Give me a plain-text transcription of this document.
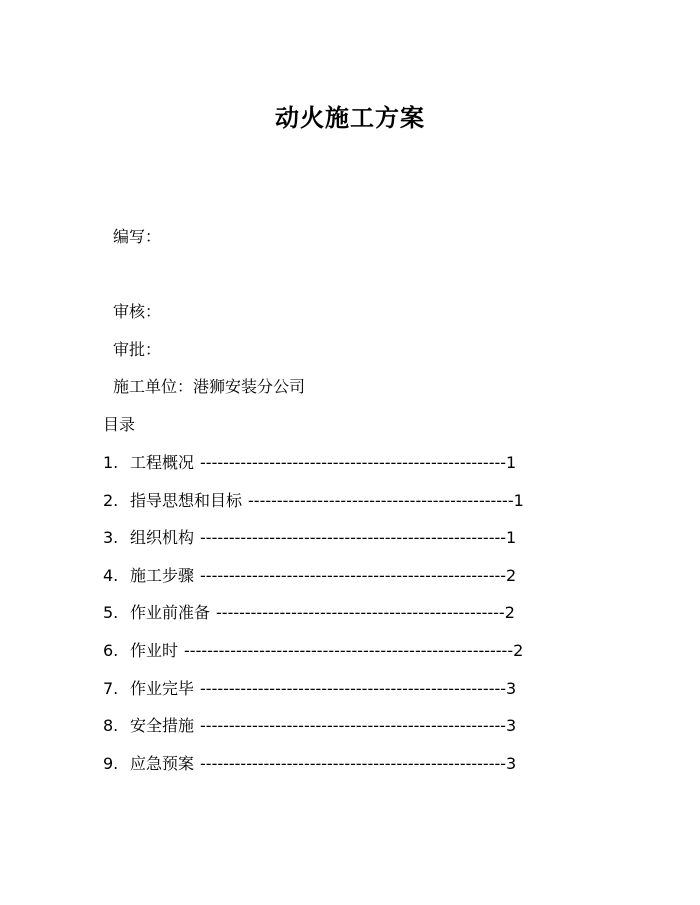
动火施工方案
编写：
审核：
审批：
施工单位：港狮安装分公司
目录
1. 工程概况 ----------------------------------------------------- 1
2. 指导思想和目标 ---------------------------------------------- 1
3. 组织机构 ----------------------------------------------------- 1
4. 施工步骤 ----------------------------------------------------- 2
5. 作业前准备 -------------------------------------------------- 2
6. 作业时 --------------------------------------------------------- 2
7. 作业完毕 ----------------------------------------------------- 3
8. 安全措施 ----------------------------------------------------- 3
9. 应急预案 ----------------------------------------------------- 3
